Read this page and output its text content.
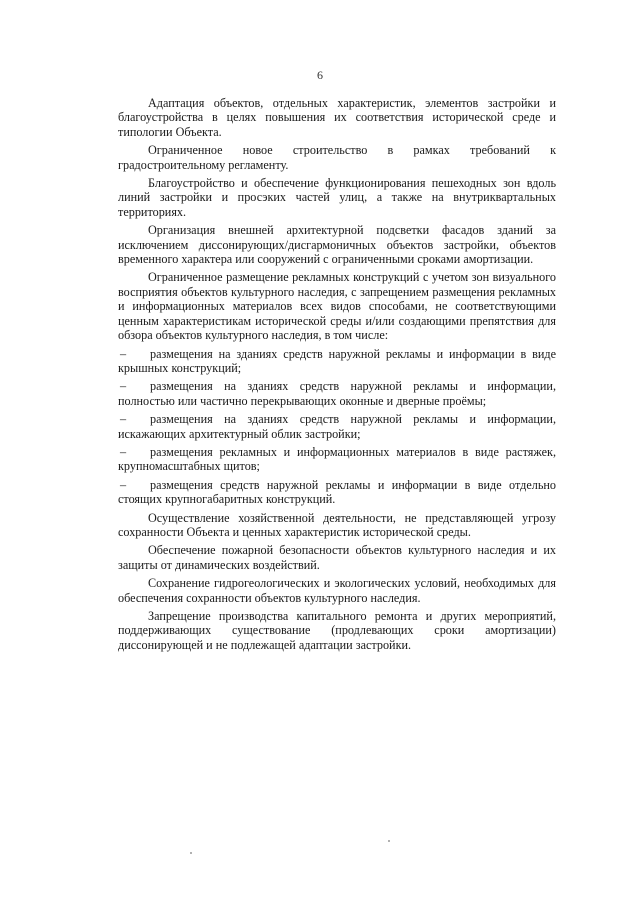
6

Адаптация объектов, отдельных характеристик, элементов застройки и благоустройства в целях повышения их соответствия исторической среде и типологии Объекта.

Ограниченное новое строительство в рамках требований к градостроительному регламенту.

Благоустройство и обеспечение функционирования пешеходных зон вдоль линий застройки и просэких частей улиц, а также на внутриквартальных территориях.

Организация внешней архитектурной подсветки фасадов зданий за исключением диссонирующих/дисгармоничных объектов застройки, объектов временного характера или сооружений с ограниченными сроками амортизации.

Ограниченное размещение рекламных конструкций с учетом зон визуального восприятия объектов культурного наследия, с запрещением размещения рекламных и информационных материалов всех видов способами, не соответствующими ценным характеристикам исторической среды и/или создающими препятствия для обзора объектов культурного наследия, в том числе:

– размещения на зданиях средств наружной рекламы и информации в виде крышных конструкций;

– размещения на зданиях средств наружной рекламы и информации, полностью или частично перекрывающих оконные и дверные проёмы;

– размещения на зданиях средств наружной рекламы и информации, искажающих архитектурный облик застройки;

– размещения рекламных и информационных материалов в виде растяжек, крупномасштабных щитов;

– размещения средств наружной рекламы и информации в виде отдельно стоящих крупногабаритных конструкций.

Осуществление хозяйственной деятельности, не представляющей угрозу сохранности Объекта и ценных характеристик исторической среды.

Обеспечение пожарной безопасности объектов культурного наследия и их защиты от динамических воздействий.

Сохранение гидрогеологических и экологических условий, необходимых для обеспечения сохранности объектов культурного наследия.

Запрещение производства капитального ремонта и других мероприятий, поддерживающих существование (продлевающих сроки амортизации) диссонирующей и не подлежащей адаптации застройки.
